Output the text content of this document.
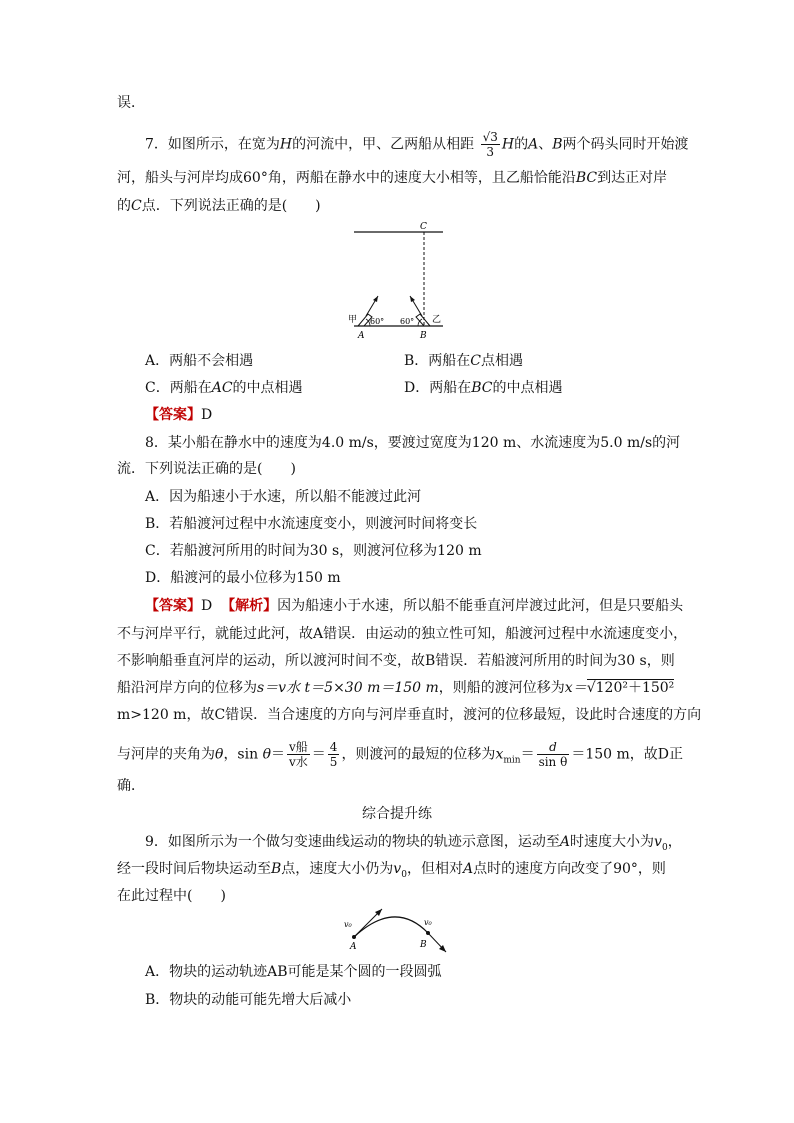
误．
7．如图所示，在宽为H的河流中，甲、乙两船从相距 $\frac{√3}{3}$ H的A、B两个码头同时开始渡
河，船头与河岸均成60°角，两船在静水中的速度大小相等，且乙船恰能沿BC到达正对岸
的C点．下列说法正确的是(　　)
C
甲 60°
A
60° 乙
B
A．两船不会相遇	B．两船在C点相遇
C．两船在AC的中点相遇	D．两船在BC的中点相遇
【答案】D
8．某小船在静水中的速度为4.0 m/s，要渡过宽度为120 m、水流速度为5.0 m/s的河
流．下列说法正确的是(　　)
A．因为船速小于水速，所以船不能渡过此河
B．若船渡河过程中水流速度变小，则渡河时间将变长
C．若船渡河所用的时间为30 s，则渡河位移为120 m
D．船渡河的最小位移为150 m
【答案】D 【解析】因为船速小于水速，所以船不能垂直河岸渡过此河，但是只要船头
不与河岸平行，就能过此河，故A错误．由运动的独立性可知，船渡河过程中水流速度变小，
不影响船垂直河岸的运动，所以渡河时间不变，故B错误．若船渡河所用的时间为30 s，则
船沿河岸方向的位移为s＝v水 t＝5×30 m＝150 m，则船的渡河位移为x＝√120²＋150²
m>120 m，故C错误．当合速度的方向与河岸垂直时，渡河的位移最短，设此时合速度的方向
与河岸的夹角为θ，$\sin \theta= \frac{\text{v船}}{\text{v水}} = \frac{4}{5}$ ，则渡河的最短的位移为$x_{min}= \frac{d}{\text{sin θ}} =150$ m，故D正
确．
综合提升练
9．如图所示为一个做匀变速曲线运动的物块的轨迹示意图，运动至A时速度大小为$v_0$，
经一段时间后物块运动至B点，速度大小仍为$v_0$，但相对A点时的速度方向改变了90°，则
在此过程中(　　)
v₀	v₀
A	B
A．物块的运动轨迹AB可能是某个圆的一段圆弧
B．物块的动能可能先增大后减小
